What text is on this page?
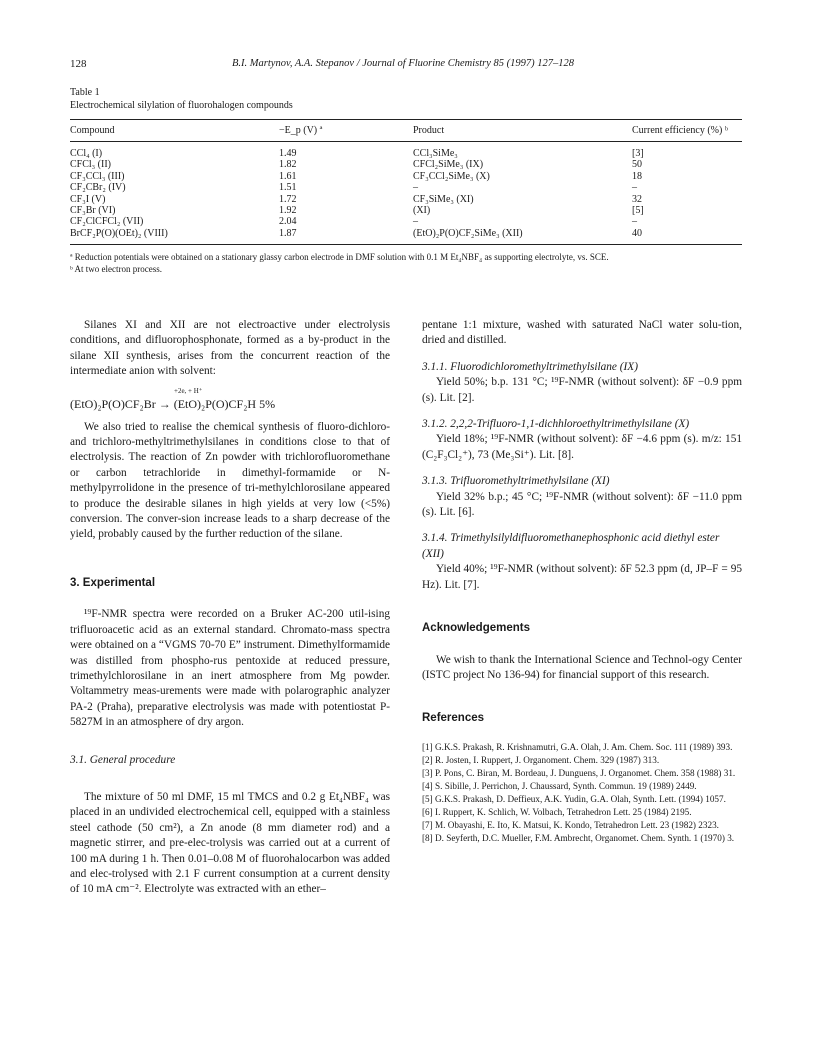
128	B.I. Martynov, A.A. Stepanov / Journal of Fluorine Chemistry 85 (1997) 127–128
Table 1
Electrochemical silylation of fluorohalogen compounds
Compound	−E_p (V) ª	Product	Current efficiency (%) ᵇ
CCl₄ (I)	1.49	CCl₃SiMe₃	[3]
CFCl₃ (II)	1.82	CFCl₂SiMe₃ (IX)	50
CF₃CCl₃ (III)	1.61	CF₃CCl₂SiMe₃ (X)	18
CF₂CBr₂ (IV)	1.51	–	–
CF₃I (V)	1.72	CF₃SiMe₃ (XI)	32
CF₃Br (VI)	1.92	(XI)	[5]
CF₂ClCFCl₂ (VII)	2.04	–	–
BrCF₂P(O)(OEt)₂ (VIII)	1.87	(EtO)₂P(O)CF₂SiMe₃ (XII)	40
ª Reduction potentials were obtained on a stationary glassy carbon electrode in DMF solution with 0.1 M Et₄NBF₄ as supporting electrolyte, vs. SCE.
ᵇ At two electron process.

Silanes XI and XII are not electroactive under electrolysis conditions, and difluorophosphonate, formed as a by-product in the silane XII synthesis, arises from the concurrent reaction of the intermediate anion with solvent:

+2e, + H⁺
(EtO)₂P(O)CF₂Br → (EtO)₂P(O)CF₂H 5%

We also tried to realise the chemical synthesis of fluoro-dichloro- and trichloro-methyltrimethylsilanes in conditions close to that of electrolysis. The reaction of Zn powder with trichlorofluoromethane or carbon tetrachloride in dimethyl-formamide or N-methylpyrrolidone in the presence of tri-methylchlorosilane appeared to produce the desirable silanes in high yields at very low (<5%) conversion. The conver-sion increase leads to a sharp decrease of the yield, probably caused by the further reduction of the silane.

3. Experimental

¹⁹F-NMR spectra were recorded on a Bruker AC-200 util-ising trifluoroacetic acid as an external standard. Chromato-mass spectra were obtained on a “VGMS 70-70 E” instrument. Dimethylformamide was distilled from phospho-rus pentoxide at reduced pressure, trimethylchlorosilane in an inert atmosphere from Mg powder. Voltammetry meas-urements were made with polarographic analyzer PA-2 (Praha), preparative electrolysis was made with potentiostat P-5827M in an atmosphere of dry argon.

3.1. General procedure

The mixture of 50 ml DMF, 15 ml TMCS and 0.2 g Et₄NBF₄ was placed in an undivided electrochemical cell, equipped with a stainless steel cathode (50 cm²), a Zn anode (8 mm diameter rod) and a magnetic stirrer, and pre-elec-trolysis was carried out at a current of 100 mA during 1 h. Then 0.01–0.08 M of fluorohalocarbon was added and elec-trolysed with 2.1 F current consumption at a current density of 10 mA cm⁻². Electrolyte was extracted with an ether–

pentane 1:1 mixture, washed with saturated NaCl water solu-tion, dried and distilled.

3.1.1. Fluorodichloromethyltrimethylsilane (IX)

Yield 50%; b.p. 131 °C; ¹⁹F-NMR (without solvent): δF −0.9 ppm (s). Lit. [2].

3.1.2. 2,2,2-Trifluoro-1,1-dichhloroethyltrimethylsilane (X)

Yield 18%; ¹⁹F-NMR (without solvent): δF −4.6 ppm (s). m/z: 151 (C₂F₃Cl₂⁺), 73 (Me₃Si⁺). Lit. [8].

3.1.3. Trifluoromethyltrimethylsilane (XI)

Yield 32% b.p.; 45 °C; ¹⁹F-NMR (without solvent): δF −11.0 ppm (s). Lit. [6].

3.1.4. Trimethylsilyldifluoromethanephosphonic acid diethyl ester (XII)

Yield 40%; ¹⁹F-NMR (without solvent): δF 52.3 ppm (d, JP–F = 95 Hz). Lit. [7].

Acknowledgements

We wish to thank the International Science and Technol-ogy Center (ISTC project No 136-94) for financial support of this research.

References
[1] G.K.S. Prakash, R. Krishnamutri, G.A. Olah, J. Am. Chem. Soc. 111 (1989) 393.
[2] R. Josten, I. Ruppert, J. Organoment. Chem. 329 (1987) 313.
[3] P. Pons, C. Biran, M. Bordeau, J. Dunguens, J. Organomet. Chem. 358 (1988) 31.
[4] S. Sibille, J. Perrichon, J. Chaussard, Synth. Commun. 19 (1989) 2449.
[5] G.K.S. Prakash, D. Deffieux, A.K. Yudin, G.A. Olah, Synth. Lett. (1994) 1057.
[6] I. Ruppert, K. Schlich, W. Volbach, Tetrahedron Lett. 25 (1984) 2195.
[7] M. Obayashi, E. Ito, K. Matsui, K. Kondo, Tetrahedron Lett. 23 (1982) 2323.
[8] D. Seyferth, D.C. Mueller, F.M. Ambrecht, Organomet. Chem. Synth. 1 (1970) 3.
